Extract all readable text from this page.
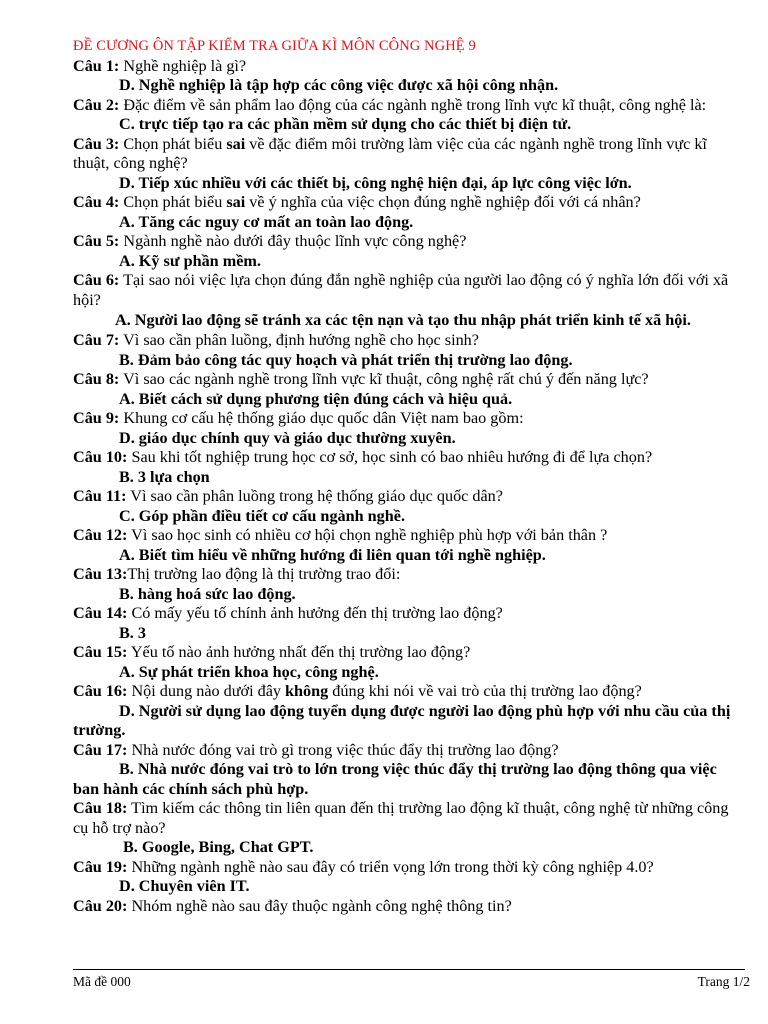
ĐỀ CƯƠNG ÔN TẬP KIỂM TRA GIỮA KÌ MÔN CÔNG NGHỆ 9

Câu 1: Nghề nghiệp là gì?

D. Nghề nghiệp là tập hợp các công việc được xã hội công nhận.

Câu 2: Đặc điểm về sản phẩm lao động của các ngành nghề trong lĩnh vực kĩ thuật, công nghệ là:

C. trực tiếp tạo ra các phần mềm sử dụng cho các thiết bị điện tử.

Câu 3: Chọn phát biểu sai về đặc điểm môi trường làm việc của các ngành nghề trong lĩnh vực kĩ thuật, công nghệ?

D. Tiếp xúc nhiều với các thiết bị, công nghệ hiện đại, áp lực công việc lớn.

Câu 4: Chọn phát biểu sai về ý nghĩa của việc chọn đúng nghề nghiệp đối với cá nhân?

A. Tăng các nguy cơ mất an toàn lao động.

Câu 5: Ngành nghề nào dưới đây thuộc lĩnh vực công nghệ?

A. Kỹ sư phần mềm.

Câu 6: Tại sao nói việc lựa chọn đúng đắn nghề nghiệp của người lao động có ý nghĩa lớn đối với xã hội?

A. Người lao động sẽ tránh xa các tện nạn và tạo thu nhập phát triển kinh tế xã hội.

Câu 7: Vì sao cần phân luồng, định hướng nghề cho học sinh?

B. Đảm bảo công tác quy hoạch và phát triển thị trường lao động.

Câu 8: Vì sao các ngành nghề trong lĩnh vực kĩ thuật, công nghệ rất chú ý đến năng lực?

A. Biết cách sử dụng phương tiện đúng cách và hiệu quả.

Câu 9: Khung cơ cấu hệ thống giáo dục quốc dân Việt nam bao gồm:

D. giáo dục chính quy và giáo dục thường xuyên.

Câu 10: Sau khi tốt nghiệp trung học cơ sở, học sinh có bao nhiêu hướng đi để lựa chọn?

B. 3 lựa chọn

Câu 11: Vì sao cần phân luồng trong hệ thống giáo dục quốc dân?

C. Góp phần điều tiết cơ cấu ngành nghề.

Câu 12: Vì sao học sinh có nhiều cơ hội chọn nghề nghiệp phù hợp với bản thân ?

A. Biết tìm hiểu về những hướng đi liên quan tới nghề nghiệp.

Câu 13:Thị trường lao động là thị trường trao đổi:

B. hàng hoá sức lao động.

Câu 14: Có mấy yếu tố chính ảnh hưởng đến thị trường lao động?

B. 3

Câu 15: Yếu tố nào ảnh hưởng nhất đến thị trường lao động?

A. Sự phát triển khoa học, công nghệ.

Câu 16: Nội dung nào dưới đây không đúng khi nói về vai trò của thị trường lao động?

D. Người sử dụng lao động tuyển dụng được người lao động phù hợp với nhu cầu của thị trường.

Câu 17: Nhà nước đóng vai trò gì trong việc thúc đẩy thị trường lao động?

B. Nhà nước đóng vai trò to lớn trong việc thúc đẩy thị trường lao động thông qua việc ban hành các chính sách phù hợp.

Câu 18: Tìm kiếm các thông tin liên quan đến thị trường lao động kĩ thuật, công nghệ từ những công cụ hỗ trợ nào?

B. Google, Bing, Chat GPT.

Câu 19: Những ngành nghề nào sau đây có triển vọng lớn trong thời kỳ công nghiệp 4.0?

D. Chuyên viên IT.

Câu 20: Nhóm nghề nào sau đây thuộc ngành công nghệ thông tin?

Mã đề 000	Trang 1/2
